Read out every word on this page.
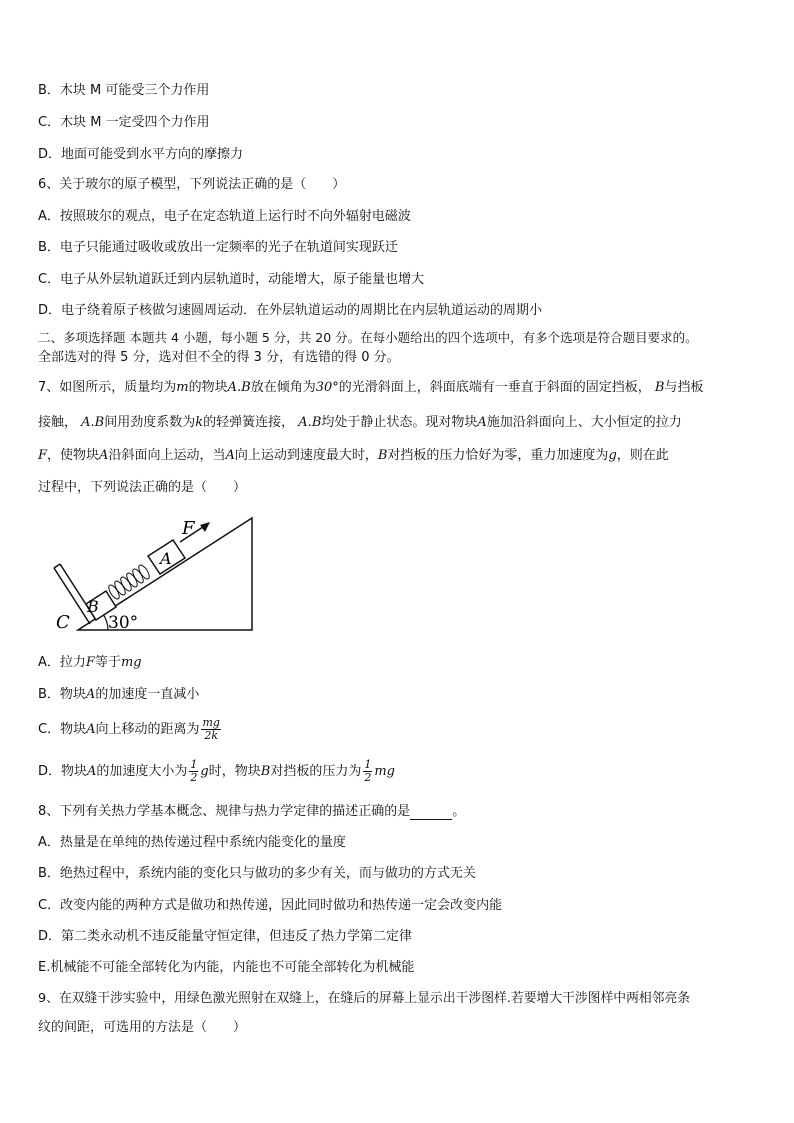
B．木块 M 可能受三个力作用
C．木块 M 一定受四个力作用
D．地面可能受到水平方向的摩擦力
6、关于玻尔的原子模型，下列说法正确的是（　　）
A．按照玻尔的观点，电子在定态轨道上运行时不向外辐射电磁波
B．电子只能通过吸收或放出一定频率的光子在轨道间实现跃迁
C．电子从外层轨道跃迁到内层轨道时，动能增大，原子能量也增大
D．电子绕着原子核做匀速圆周运动．在外层轨道运动的周期比在内层轨道运动的周期小
二、多项选择题 本题共 4 小题，每小题 5 分，共 20 分。在每小题给出的四个选项中，有多个选项是符合题目要求的。
全部选对的得 5 分，选对但不全的得 3 分，有选错的得 0 分。
7、如图所示，质量均为m的物块A.B放在倾角为30°的光滑斜面上，斜面底端有一垂直于斜面的固定挡板， B与挡板
接触， A.B间用劲度系数为k的轻弹簧连接， A.B均处于静止状态。现对物块A施加沿斜面向上、大小恒定的拉力
F，使物块A沿斜面向上运动，当A向上运动到速度最大时，B对挡板的压力恰好为零，重力加速度为g，则在此
过程中，下列说法正确的是（　　）
F
A
B
C 30°
A．拉力F等于mg
B．物块A的加速度一直减小
C．物块A向上移动的距离为 $\frac{mg}{2k}$
D．物块A的加速度大小为 $\frac{1}{2}$ g时，物块B对挡板的压力为 $\frac{1}{2}$ mg
8、下列有关热力学基本概念、规律与热力学定律的描述正确的是	。
A．热量是在单纯的热传递过程中系统内能变化的量度
B．绝热过程中，系统内能的变化只与做功的多少有关，而与做功的方式无关
C．改变内能的两种方式是做功和热传递，因此同时做功和热传递一定会改变内能
D．第二类永动机不违反能量守恒定律，但违反了热力学第二定律
E.机械能不可能全部转化为内能，内能也不可能全部转化为机械能
9、在双缝干涉实验中，用绿色激光照射在双缝上，在缝后的屏幕上显示出干涉图样.若要增大干涉图样中两相邻亮条
纹的间距，可选用的方法是（　　）
